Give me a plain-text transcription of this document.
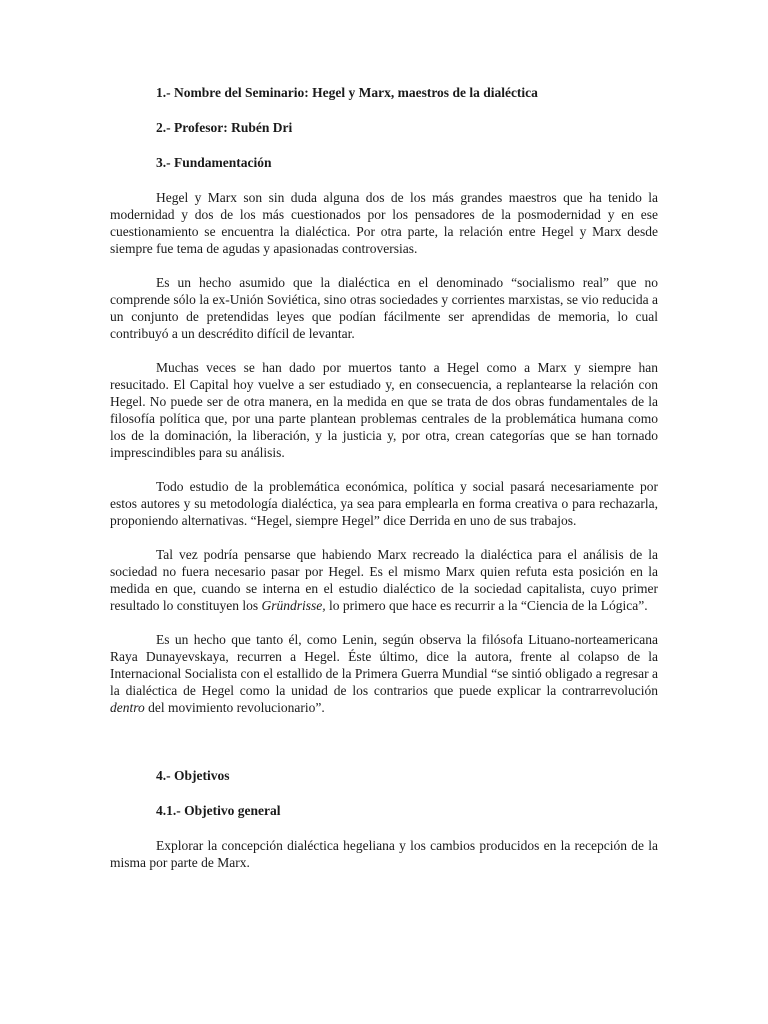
1.- Nombre del Seminario: Hegel y Marx, maestros de la dialéctica

2.- Profesor: Rubén Dri

3.- Fundamentación

Hegel y Marx son sin duda alguna dos de los más grandes maestros que ha tenido la modernidad y dos de los más cuestionados por los pensadores de la posmodernidad y en ese cuestionamiento se encuentra la dialéctica. Por otra parte, la relación entre Hegel y Marx desde siempre fue tema de agudas y apasionadas controversias.

Es un hecho asumido que la dialéctica en el denominado “socialismo real” que no comprende sólo la ex-Unión Soviética, sino otras sociedades y corrientes marxistas, se vio reducida a un conjunto de pretendidas leyes que podían fácilmente ser aprendidas de memoria, lo cual contribuyó a un descrédito difícil de levantar.

Muchas veces se han dado por muertos tanto a Hegel como a Marx y siempre han resucitado. El Capital hoy vuelve a ser estudiado y, en consecuencia, a replantearse la relación con Hegel. No puede ser de otra manera, en la medida en que se trata de dos obras fundamentales de la filosofía política que, por una parte plantean problemas centrales de la problemática humana como los de la dominación, la liberación, y la justicia y, por otra, crean categorías que se han tornado imprescindibles para su análisis.

Todo estudio de la problemática económica, política y social pasará necesariamente por estos autores y su metodología dialéctica, ya sea para emplearla en forma creativa o para rechazarla, proponiendo alternativas. “Hegel, siempre Hegel” dice Derrida en uno de sus trabajos.

Tal vez podría pensarse que habiendo Marx recreado la dialéctica para el análisis de la sociedad no fuera necesario pasar por Hegel. Es el mismo Marx quien refuta esta posición en la medida en que, cuando se interna en el estudio dialéctico de la sociedad capitalista, cuyo primer resultado lo constituyen los Gründrisse, lo primero que hace es recurrir a la “Ciencia de la Lógica”.

Es un hecho que tanto él, como Lenin, según observa la filósofa Lituano-norteamericana Raya Dunayevskaya, recurren a Hegel. Éste último, dice la autora, frente al colapso de la Internacional Socialista con el estallido de la Primera Guerra Mundial “se sintió obligado a regresar a la dialéctica de Hegel como la unidad de los contrarios que puede explicar la contrarrevolución dentro del movimiento revolucionario”.

4.- Objetivos

4.1.- Objetivo general

Explorar la concepción dialéctica hegeliana y los cambios producidos en la recepción de la misma por parte de Marx.
